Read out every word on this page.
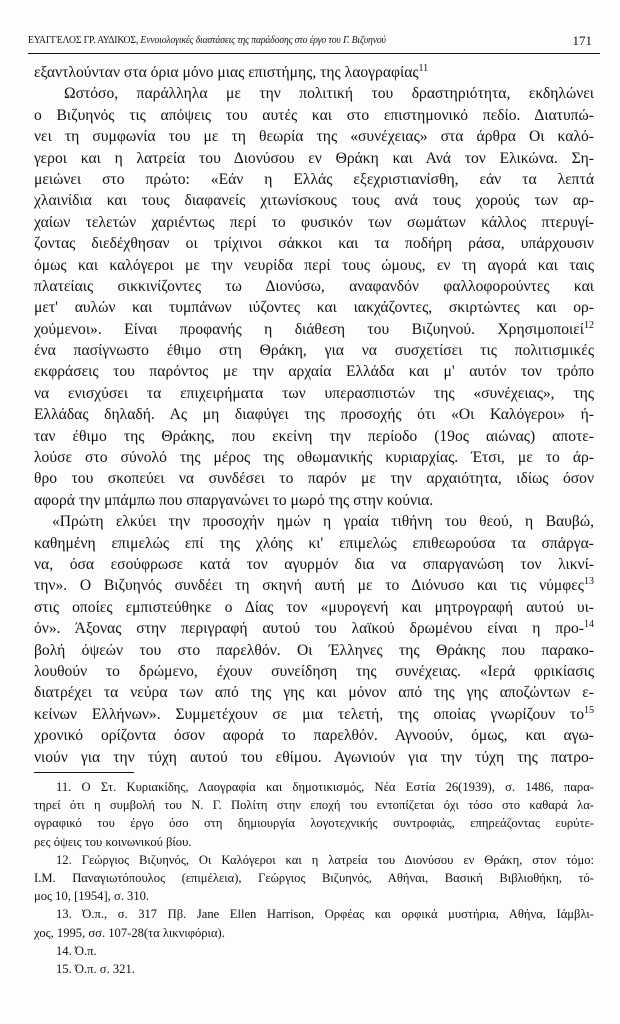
ΕΥΑΓΓΕΛΟΣ ΓΡ. ΑΥΔΙΚΟΣ, Εννοιολογικές διαστάσεις της παράδοσης στο έργο του Γ. Βιζυηνού	171
εξαντλούνταν στα όρια μόνο μιας επιστήμης, της λαογραφίας$^{11}$
Ωστόσο, παράλληλα με την πολιτική του δραστηριότητα, εκδηλώνει
ο Βιζυηνός τις απόψεις του αυτές και στο επιστημονικό πεδίο. Διατυπώ-
νει τη συμφωνία του με τη θεωρία της «συνέχειας» στα άρθρα Οι καλό-
γεροι και η λατρεία του Διονύσου εν Θράκη και Ανά τον Ελικώνα. Ση-
μειώνει στο πρώτο: «Εάν η Ελλάς εξεχριστιανίσθη, εάν τα λεπτά
χλαινίδια και τους διαφανείς χιτωνίσκους τους ανά τους χορούς των αρ-
χαίων τελετών χαριέντως περί το φυσικόν των σωμάτων κάλλος πτερυγί-
ζοντας διεδέχθησαν οι τρίχινοι σάκκοι και τα ποδήρη ράσα, υπάρχουσιν
όμως και καλόγεροι με την νευρίδα περί τους ώμους, εν τη αγορά και ταις
πλατείαις σικκινίζοντες τω Διονύσω, αναφανδόν φαλλοφορούντες και
μετ' αυλών και τυμπάνων ιύζοντες και ιακχάζοντες, σκιρτώντες και ορ-
χούμενοι». Είναι προφανής η διάθεση του Βιζυηνού. Χρησιμοποιεί$^{12}$
ένα πασίγνωστο έθιμο στη Θράκη, για να συσχετίσει τις πολιτισμικές
εκφράσεις του παρόντος με την αρχαία Ελλάδα και μ' αυτόν τον τρόπο
να ενισχύσει τα επιχειρήματα των υπερασπιστών της «συνέχειας», της
Ελλάδας δηλαδή. Ας μη διαφύγει της προσοχής ότι «Οι Καλόγεροι» ή-
ταν έθιμο της Θράκης, που εκείνη την περίοδο (19ος αιώνας) αποτε-
λούσε στο σύνολό της μέρος της οθωμανικής κυριαρχίας. Έτσι, με το άρ-
θρο του σκοπεύει να συνδέσει το παρόν με την αρχαιότητα, ιδίως όσον
αφορά την μπάμπω που σπαργανώνει το μωρό της στην κούνια.
«Πρώτη ελκύει την προσοχήν ημών η γραία τιθήνη του θεού, η Βαυβώ,
καθημένη επιμελώς επί της χλόης κι' επιμελώς επιθεωρούσα τα σπάργα-
να, όσα εσούφρωσε κατά τον αγυρμόν δια να σπαργανώση τον λικνί-
την». Ο Βιζυηνός συνδέει τη σκηνή αυτή με το Διόνυσο και τις νύμφες$^{13}$
στις οποίες εμπιστεύθηκε ο Δίας τον «μυρογενή και μητρογραφή αυτού υι-
όν». Άξονας στην περιγραφή αυτού του λαϊκού δρωμένου είναι η προ-$^{14}$
βολή όψεών του στο παρελθόν. Οι Έλληνες της Θράκης που παρακο-
λουθούν το δρώμενο, έχουν συνείδηση της συνέχειας. «Ιερά φρικίασις
διατρέχει τα νεύρα των από της γης και μόνον από της γης αποζώντων ε-
κείνων Ελλήνων». Συμμετέχουν σε μια τελετή, της οποίας γνωρίζουν $\tau o^{15}$
χρονικό ορίζοντα όσον αφορά το παρελθόν. Αγνοούν, όμως, και αγω-
νιούν για την τύχη αυτού του εθίμου. Αγωνιούν για την τύχη της πατρο-
11. Ο Στ. Κυριακίδης, Λαογραφία και δημοτικισμός, Νέα Εστία 26(1939), σ. 1486, παρα-
τηρεί ότι η συμβολή του Ν. Γ. Πολίτη στην εποχή του εντοπίζεται όχι τόσο στο καθαρά λα-
ογραφικό του έργο όσο στη δημιουργία λογοτεχνικής συντροφιάς, επηρεάζοντας ευρύτε-
ρες όψεις του κοινωνικού βίου.
12. Γεώργιος Βιζυηνός, Οι Καλόγεροι και η λατρεία του Διονύσου εν Θράκη, στον τόμο:
Ι.Μ. Παναγιωτόπουλος (επιμέλεια), Γεώργιος Βιζυηνός, Αθήναι, Βασική Βιβλιοθήκη, τό-
μος 10, [1954], σ. 310.
13. Ό.π., σ. 317 Πβ. Jane Ellen Harrison, Ορφέας και ορφικά μυστήρια, Αθήνα, Ιάμβλι-
χος, 1995, σσ. 107-28(τα λικνιφόρια).
14. Ό.π.
15. Ό.π. σ. 321.
